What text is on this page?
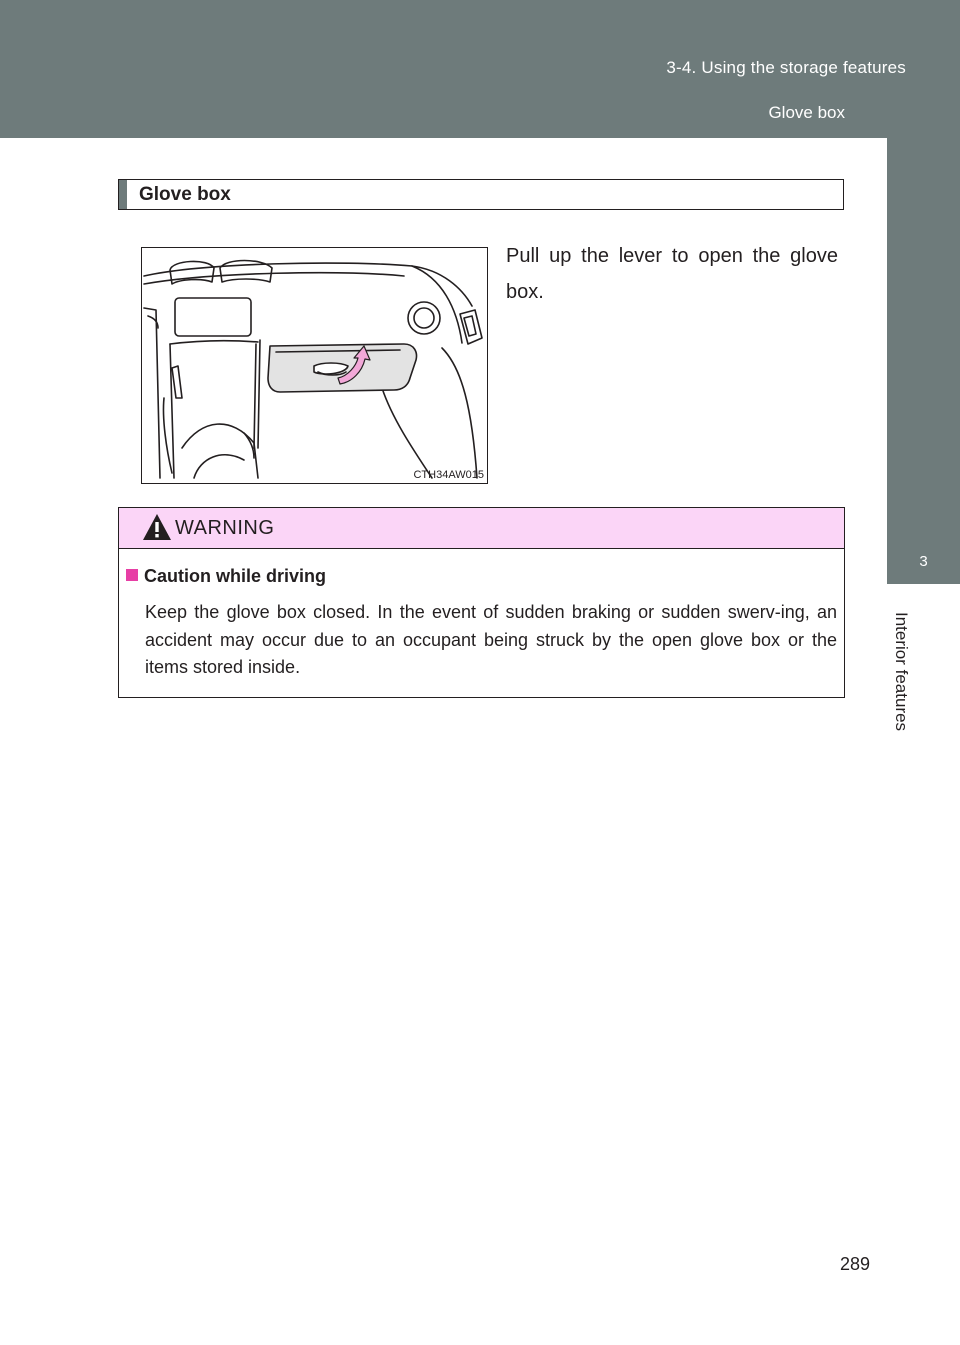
3-4. Using the storage features
Glove box
3
Interior features
Glove box
CTH34AW015
Pull up the lever to open the glove box.
WARNING
Caution while driving
Keep the glove box closed. In the event of sudden braking or sudden swerv-ing, an accident may occur due to an occupant being struck by the open glove box or the items stored inside.
289
